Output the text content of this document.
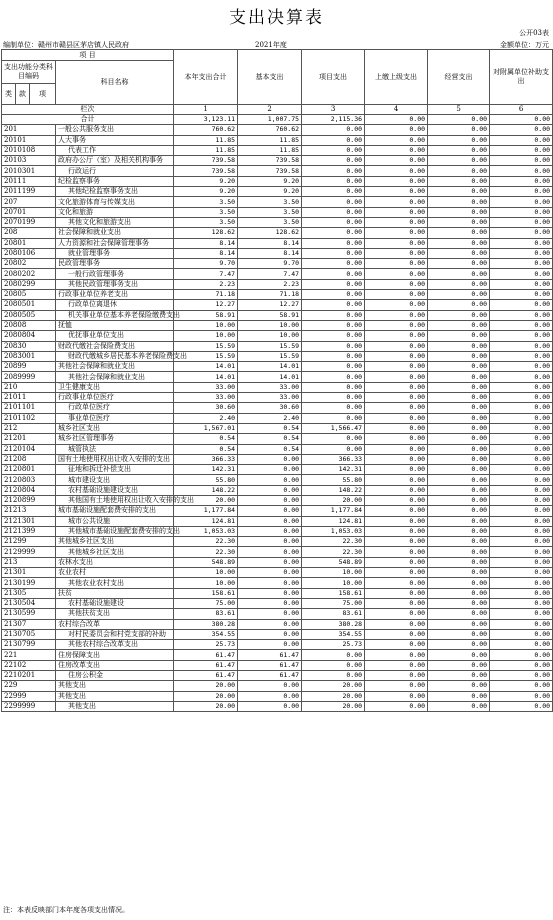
支出决算表
公开03表
编制单位：赣州市赣县区茅店镇人民政府	2021年度	金额单位：万元
项 目				本年支出合计	基本支出	项目支出	上缴上级支出	经营支出	对附属单位补助支出
支出功能分类科目编码			科目名称						

类	款	项							
栏次				1	2	3	4	5	6
合计				3,123.11	1,007.75	2,115.36	0.00	0.00	0.00
201			一般公共服务支出	760.62	760.62	0.00	0.00	0.00	0.00
20101			人大事务	11.85	11.85	0.00	0.00	0.00	0.00
2010108			代表工作	11.85	11.85	0.00	0.00	0.00	0.00
20103			政府办公厅（室）及相关机构事务	739.58	739.58	0.00	0.00	0.00	0.00
2010301			行政运行	739.58	739.58	0.00	0.00	0.00	0.00
20111			纪检监察事务	9.20	9.20	0.00	0.00	0.00	0.00
2011199			其他纪检监察事务支出	9.20	9.20	0.00	0.00	0.00	0.00
207			文化旅游体育与传媒支出	3.50	3.50	0.00	0.00	0.00	0.00
20701			文化和旅游	3.50	3.50	0.00	0.00	0.00	0.00
2070199			其他文化和旅游支出	3.50	3.50	0.00	0.00	0.00	0.00
208			社会保障和就业支出	128.62	128.62	0.00	0.00	0.00	0.00
20801			人力资源和社会保障管理事务	8.14	8.14	0.00	0.00	0.00	0.00
2080106			就业管理事务	8.14	8.14	0.00	0.00	0.00	0.00
20802			民政管理事务	9.70	9.70	0.00	0.00	0.00	0.00
2080202			一般行政管理事务	7.47	7.47	0.00	0.00	0.00	0.00
2080299			其他民政管理事务支出	2.23	2.23	0.00	0.00	0.00	0.00
20805			行政事业单位养老支出	71.18	71.18	0.00	0.00	0.00	0.00
2080501			行政单位离退休	12.27	12.27	0.00	0.00	0.00	0.00
2080505			机关事业单位基本养老保险缴费支出	58.91	58.91	0.00	0.00	0.00	0.00
20808			抚恤	10.00	10.00	0.00	0.00	0.00	0.00
2080804			优抚事业单位支出	10.00	10.00	0.00	0.00	0.00	0.00
20830			财政代缴社会保险费支出	15.59	15.59	0.00	0.00	0.00	0.00
2083001			财政代缴城乡居民基本养老保险费支出	15.59	15.59	0.00	0.00	0.00	0.00
20899			其他社会保障和就业支出	14.01	14.01	0.00	0.00	0.00	0.00
2089999			其他社会保障和就业支出	14.01	14.01	0.00	0.00	0.00	0.00
210			卫生健康支出	33.00	33.00	0.00	0.00	0.00	0.00
21011			行政事业单位医疗	33.00	33.00	0.00	0.00	0.00	0.00
2101101			行政单位医疗	30.60	30.60	0.00	0.00	0.00	0.00
2101102			事业单位医疗	2.40	2.40	0.00	0.00	0.00	0.00
212			城乡社区支出	1,567.01	0.54	1,566.47	0.00	0.00	0.00
21201			城乡社区管理事务	0.54	0.54	0.00	0.00	0.00	0.00
2120104			城管执法	0.54	0.54	0.00	0.00	0.00	0.00
21208			国有土地使用权出让收入安排的支出	366.33	0.00	366.33	0.00	0.00	0.00
2120801			征地和拆迁补偿支出	142.31	0.00	142.31	0.00	0.00	0.00
2120803			城市建设支出	55.80	0.00	55.80	0.00	0.00	0.00
2120804			农村基础设施建设支出	148.22	0.00	148.22	0.00	0.00	0.00
2120899			其他国有土地使用权出让收入安排的支出	20.00	0.00	20.00	0.00	0.00	0.00
21213			城市基础设施配套费安排的支出	1,177.84	0.00	1,177.84	0.00	0.00	0.00
2121301			城市公共设施	124.81	0.00	124.81	0.00	0.00	0.00
2121399			其他城市基础设施配套费安排的支出	1,053.03	0.00	1,053.03	0.00	0.00	0.00
21299			其他城乡社区支出	22.30	0.00	22.30	0.00	0.00	0.00
2129999			其他城乡社区支出	22.30	0.00	22.30	0.00	0.00	0.00
213			农林水支出	548.89	0.00	548.89	0.00	0.00	0.00
21301			农业农村	10.00	0.00	10.00	0.00	0.00	0.00
2130199			其他农业农村支出	10.00	0.00	10.00	0.00	0.00	0.00
21305			扶贫	158.61	0.00	158.61	0.00	0.00	0.00
2130504			农村基础设施建设	75.00	0.00	75.00	0.00	0.00	0.00
2130599			其他扶贫支出	83.61	0.00	83.61	0.00	0.00	0.00
21307			农村综合改革	380.28	0.00	380.28	0.00	0.00	0.00
2130705			对村民委员会和村党支部的补助	354.55	0.00	354.55	0.00	0.00	0.00
2130799			其他农村综合改革支出	25.73	0.00	25.73	0.00	0.00	0.00
221			住房保障支出	61.47	61.47	0.00	0.00	0.00	0.00
22102			住房改革支出	61.47	61.47	0.00	0.00	0.00	0.00
2210201			住房公积金	61.47	61.47	0.00	0.00	0.00	0.00
229			其他支出	20.00	0.00	20.00	0.00	0.00	0.00
22999			其他支出	20.00	0.00	20.00	0.00	0.00	0.00
2299999			其他支出	20.00	0.00	20.00	0.00	0.00	0.00
注：本表反映部门本年度各项支出情况。
